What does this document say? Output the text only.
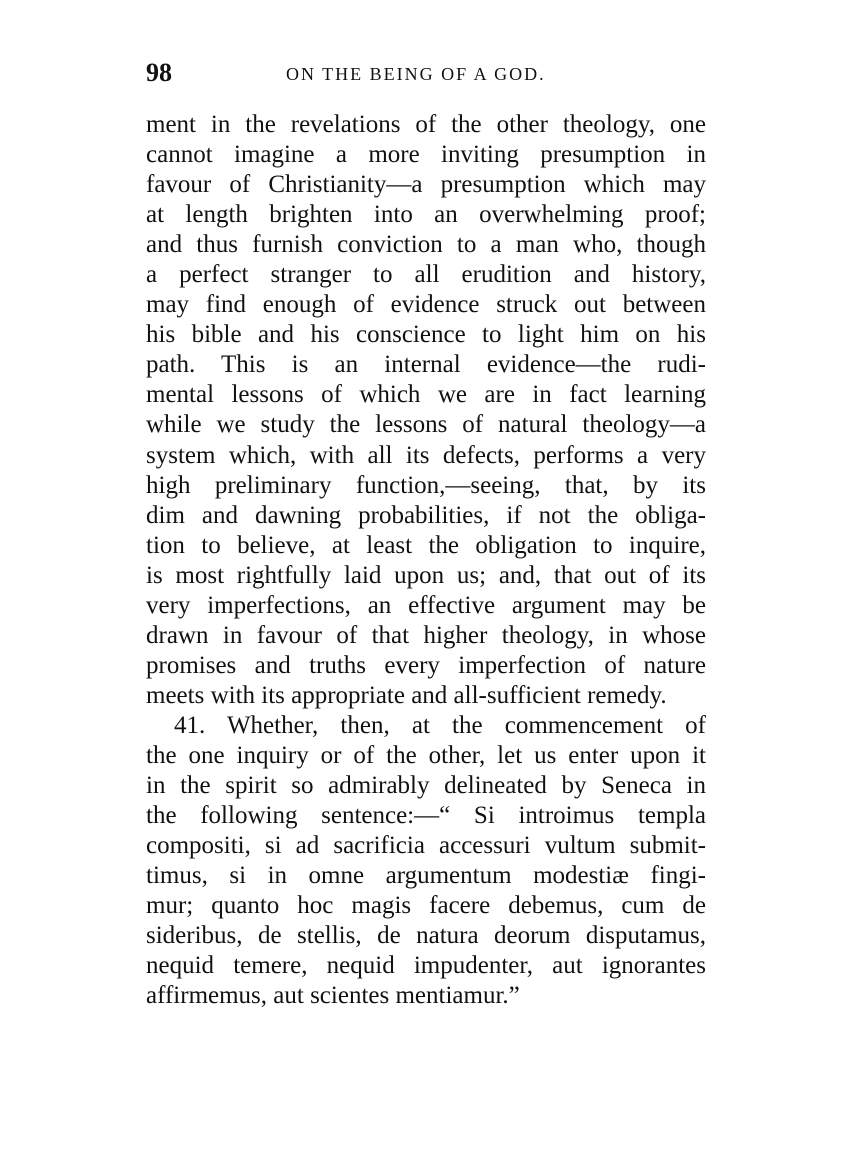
98	ON THE BEING OF A GOD.
ment in the revelations of the other theology, one
cannot imagine a more inviting presumption in
favour of Christianity—a presumption which may
at length brighten into an overwhelming proof;
and thus furnish conviction to a man who, though
a perfect stranger to all erudition and history,
may find enough of evidence struck out between
his bible and his conscience to light him on his
path. This is an internal evidence—the rudi-
mental lessons of which we are in fact learning
while we study the lessons of natural theology—a
system which, with all its defects, performs a very
high preliminary function,—seeing, that, by its
dim and dawning probabilities, if not the obliga-
tion to believe, at least the obligation to inquire,
is most rightfully laid upon us; and, that out of its
very imperfections, an effective argument may be
drawn in favour of that higher theology, in whose
promises and truths every imperfection of nature
meets with its appropriate and all-sufficient remedy.
41. Whether, then, at the commencement of
the one inquiry or of the other, let us enter upon it
in the spirit so admirably delineated by Seneca in
the following sentence:—“ Si introimus templa
compositi, si ad sacrificia accessuri vultum submit-
timus, si in omne argumentum modestiæ fingi-
mur; quanto hoc magis facere debemus, cum de
sideribus, de stellis, de natura deorum disputamus,
nequid temere, nequid impudenter, aut ignorantes
affirmemus, aut scientes mentiamur.”
